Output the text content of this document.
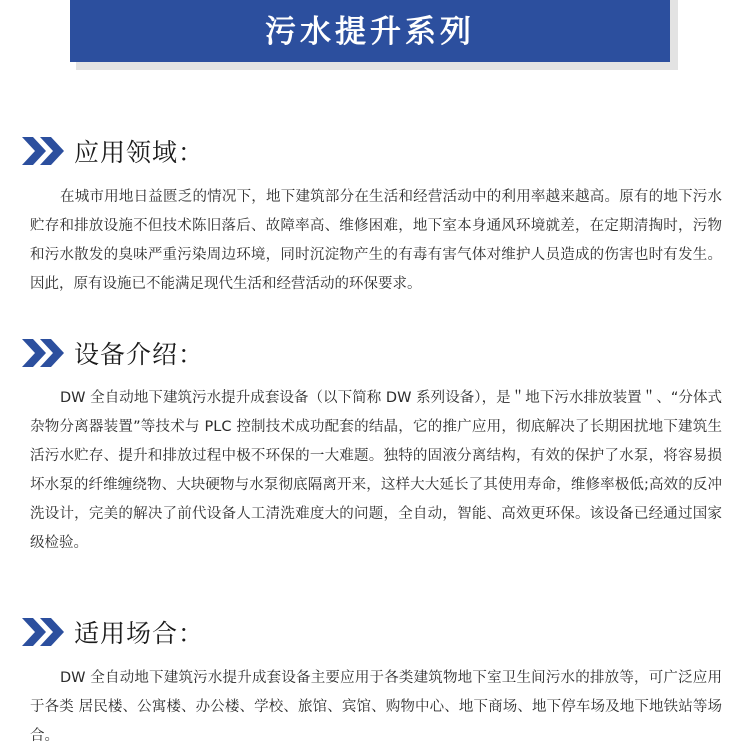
污水提升系列
应用领域：

在城市用地日益匮乏的情况下，地下建筑部分在生活和经营活动中的利用率越来越高。原有的地下污水贮存和排放设施不但技术陈旧落后、故障率高、维修困难，地下室本身通风环境就差，在定期清掏时，污物和污水散发的臭味严重污染周边环境，同时沉淀物产生的有毒有害气体对维护人员造成的伤害也时有发生。因此，原有设施已不能满足现代生活和经营活动的环保要求。

设备介绍：

DW 全自动地下建筑污水提升成套设备（以下简称 DW 系列设备），是＂地下污水排放装置＂、“分体式杂物分离器装置”等技术与 PLC 控制技术成功配套的结晶，它的推广应用，彻底解决了长期困扰地下建筑生活污水贮存、提升和排放过程中极不环保的一大难题。独特的固液分离结构，有效的保护了水泵，将容易损坏水泵的纤维缠绕物、大块硬物与水泵彻底隔离开来，这样大大延长了其使用寿命，维修率极低;高效的反冲洗设计，完美的解决了前代设备人工清洗难度大的问题，全自动，智能、高效更环保。该设备已经通过国家级检验。

适用场合：

DW 全自动地下建筑污水提升成套设备主要应用于各类建筑物地下室卫生间污水的排放等，可广泛应用于各类 居民楼、公寓楼、办公楼、学校、旅馆、宾馆、购物中心、地下商场、地下停车场及地下地铁站等场合。
